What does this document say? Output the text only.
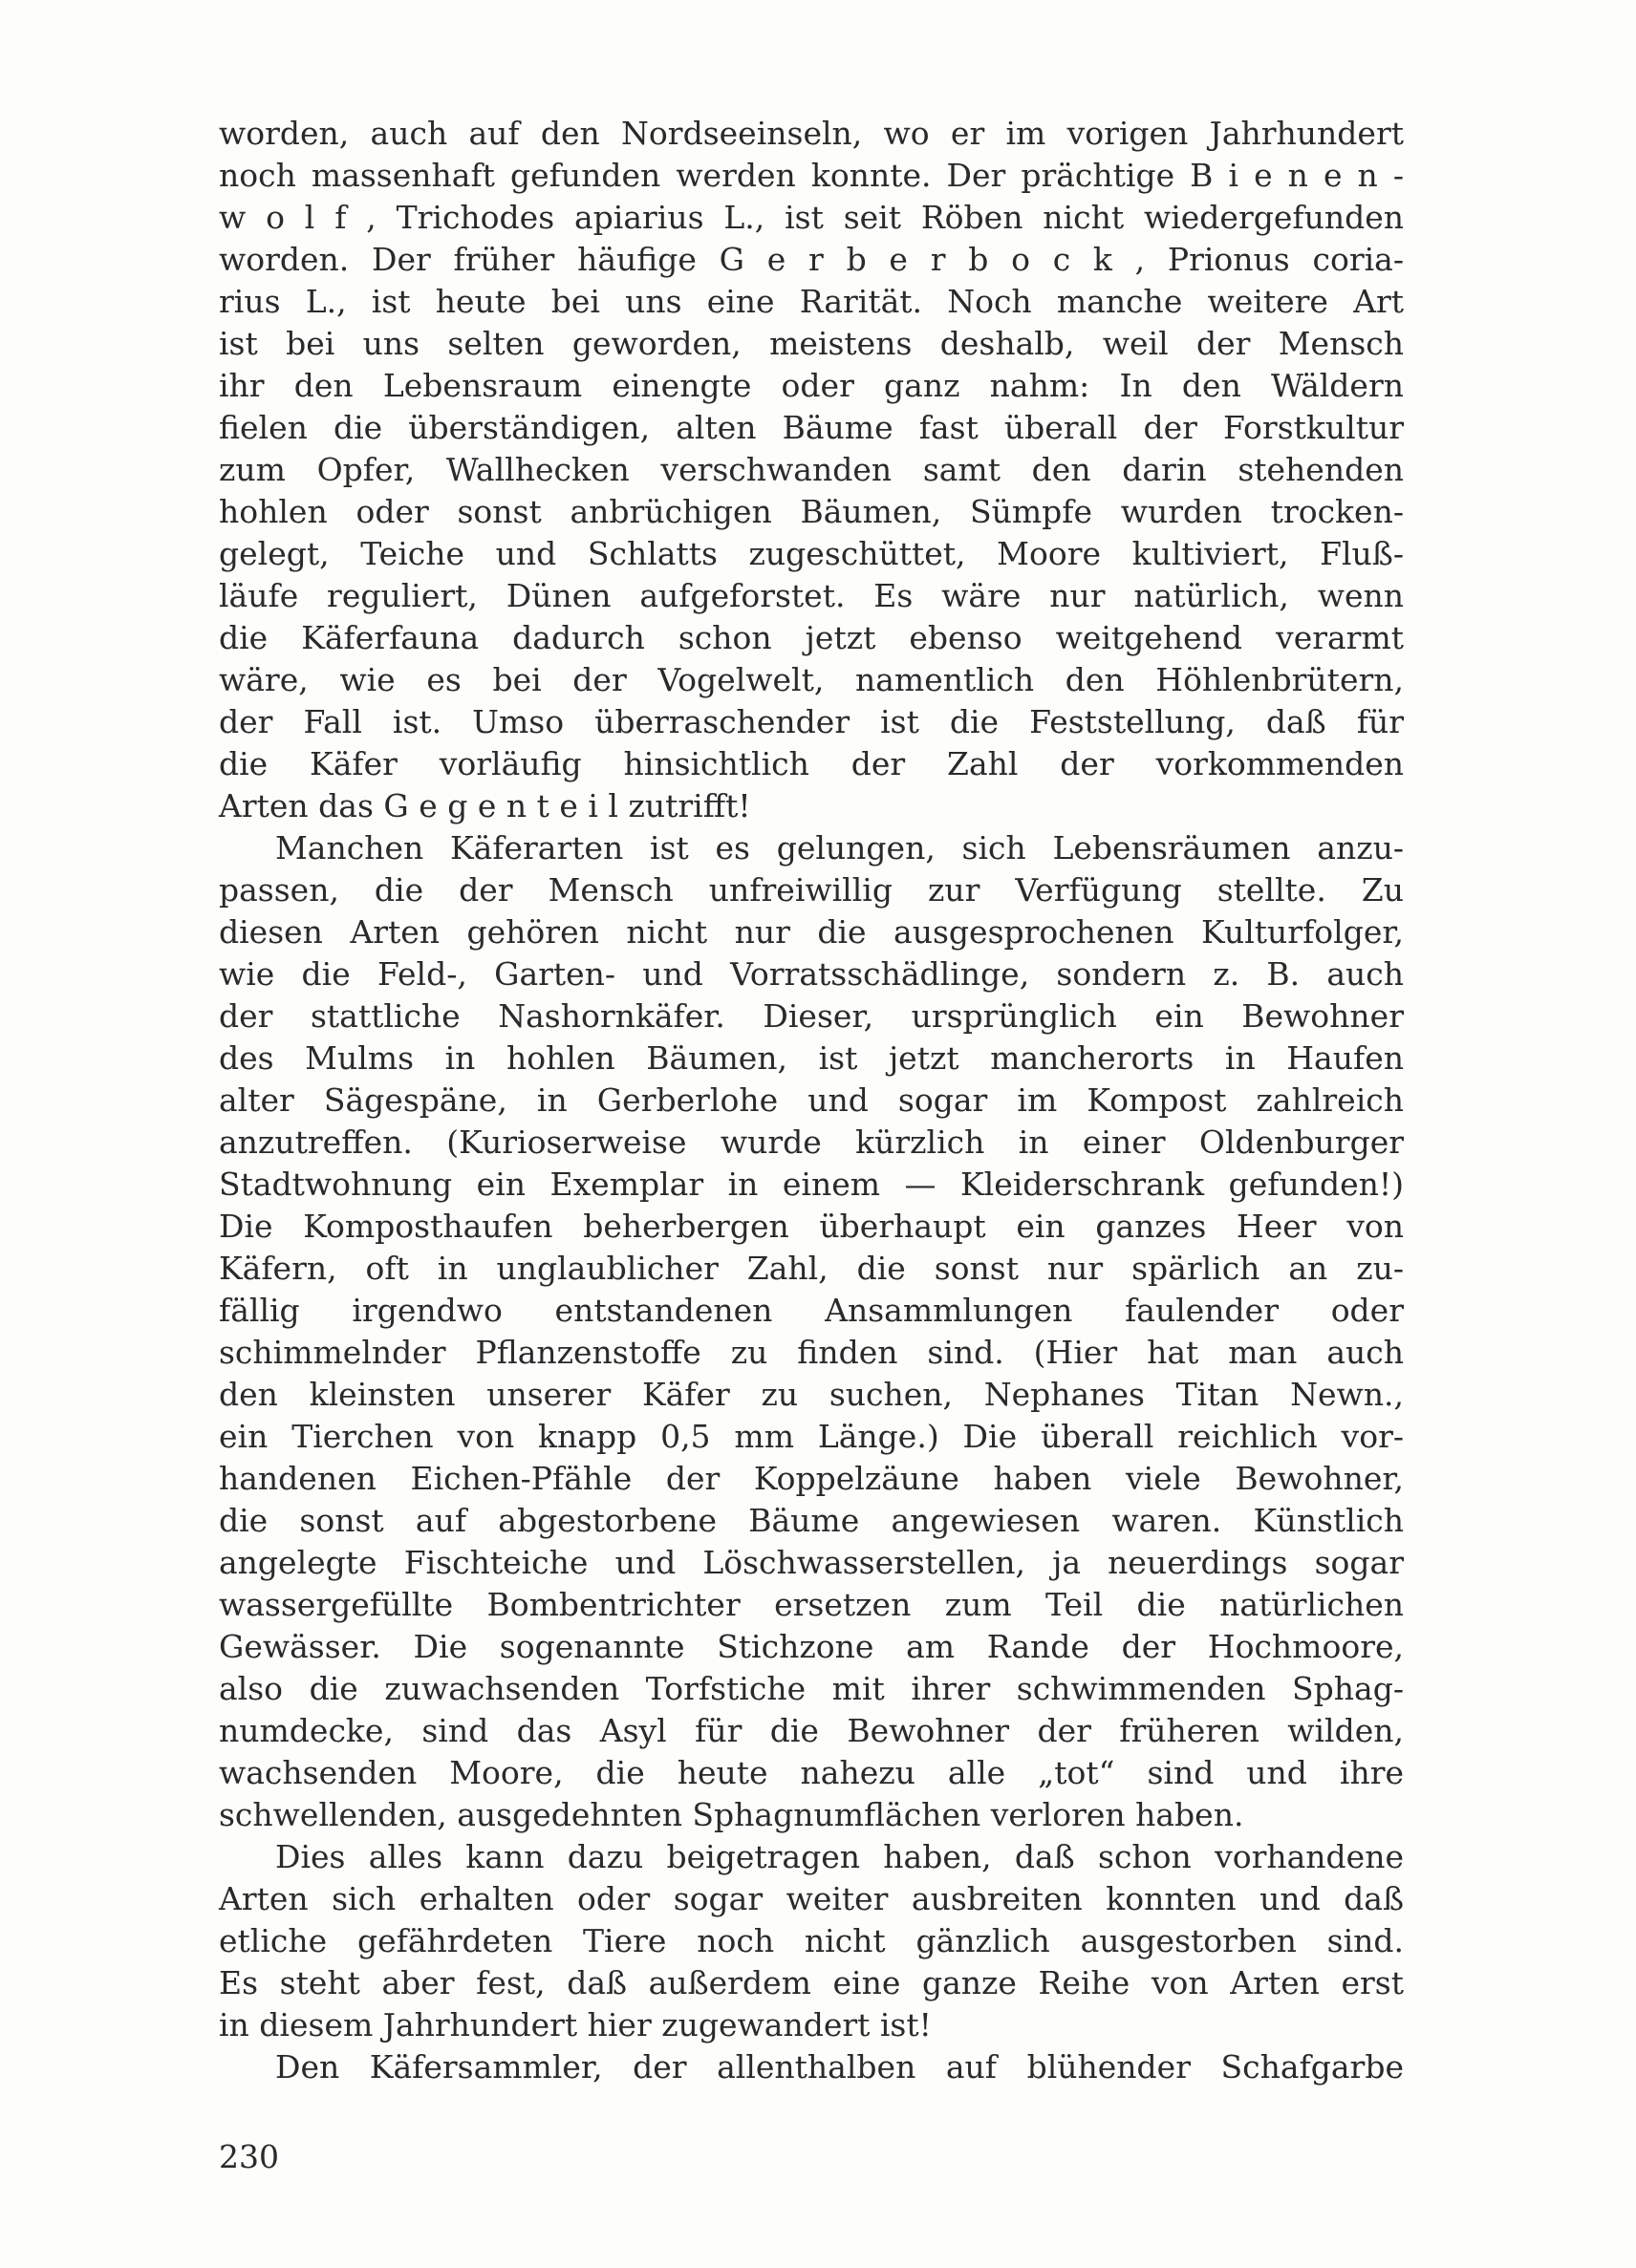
worden, auch auf den Nordseeinseln, wo er im vorigen Jahrhundert
noch massenhaft gefunden werden konnte. Der prächtige B i e n e n -
w o l f , Trichodes apiarius L., ist seit Röben nicht wiedergefunden
worden. Der früher häufige G e r b e r b o c k , Prionus coria-
rius L., ist heute bei uns eine Rarität. Noch manche weitere Art
ist bei uns selten geworden, meistens deshalb, weil der Mensch
ihr den Lebensraum einengte oder ganz nahm: In den Wäldern
fielen die überständigen, alten Bäume fast überall der Forstkultur
zum Opfer, Wallhecken verschwanden samt den darin stehenden
hohlen oder sonst anbrüchigen Bäumen, Sümpfe wurden trocken-
gelegt, Teiche und Schlatts zugeschüttet, Moore kultiviert, Fluß-
läufe reguliert, Dünen aufgeforstet. Es wäre nur natürlich, wenn
die Käferfauna dadurch schon jetzt ebenso weitgehend verarmt
wäre, wie es bei der Vogelwelt, namentlich den Höhlenbrütern,
der Fall ist. Umso überraschender ist die Feststellung, daß für
die Käfer vorläufig hinsichtlich der Zahl der vorkommenden
Arten das G e g e n t e i l zutrifft!
Manchen Käferarten ist es gelungen, sich Lebensräumen anzu-
passen, die der Mensch unfreiwillig zur Verfügung stellte. Zu
diesen Arten gehören nicht nur die ausgesprochenen Kulturfolger,
wie die Feld-, Garten- und Vorratsschädlinge, sondern z. B. auch
der stattliche Nashornkäfer. Dieser, ursprünglich ein Bewohner
des Mulms in hohlen Bäumen, ist jetzt mancherorts in Haufen
alter Sägespäne, in Gerberlohe und sogar im Kompost zahlreich
anzutreffen. (Kurioserweise wurde kürzlich in einer Oldenburger
Stadtwohnung ein Exemplar in einem — Kleiderschrank gefunden!)
Die Komposthaufen beherbergen überhaupt ein ganzes Heer von
Käfern, oft in unglaublicher Zahl, die sonst nur spärlich an zu-
fällig irgendwo entstandenen Ansammlungen faulender oder
schimmelnder Pflanzenstoffe zu finden sind. (Hier hat man auch
den kleinsten unserer Käfer zu suchen, Nephanes Titan Newn.,
ein Tierchen von knapp 0,5 mm Länge.) Die überall reichlich vor-
handenen Eichen-Pfähle der Koppelzäune haben viele Bewohner,
die sonst auf abgestorbene Bäume angewiesen waren. Künstlich
angelegte Fischteiche und Löschwasserstellen, ja neuerdings sogar
wassergefüllte Bombentrichter ersetzen zum Teil die natürlichen
Gewässer. Die sogenannte Stichzone am Rande der Hochmoore,
also die zuwachsenden Torfstiche mit ihrer schwimmenden Sphag-
numdecke, sind das Asyl für die Bewohner der früheren wilden,
wachsenden Moore, die heute nahezu alle „tot“ sind und ihre
schwellenden, ausgedehnten Sphagnumflächen verloren haben.
Dies alles kann dazu beigetragen haben, daß schon vorhandene
Arten sich erhalten oder sogar weiter ausbreiten konnten und daß
etliche gefährdeten Tiere noch nicht gänzlich ausgestorben sind.
Es steht aber fest, daß außerdem eine ganze Reihe von Arten erst
in diesem Jahrhundert hier zugewandert ist!
Den Käfersammler, der allenthalben auf blühender Schafgarbe
230
